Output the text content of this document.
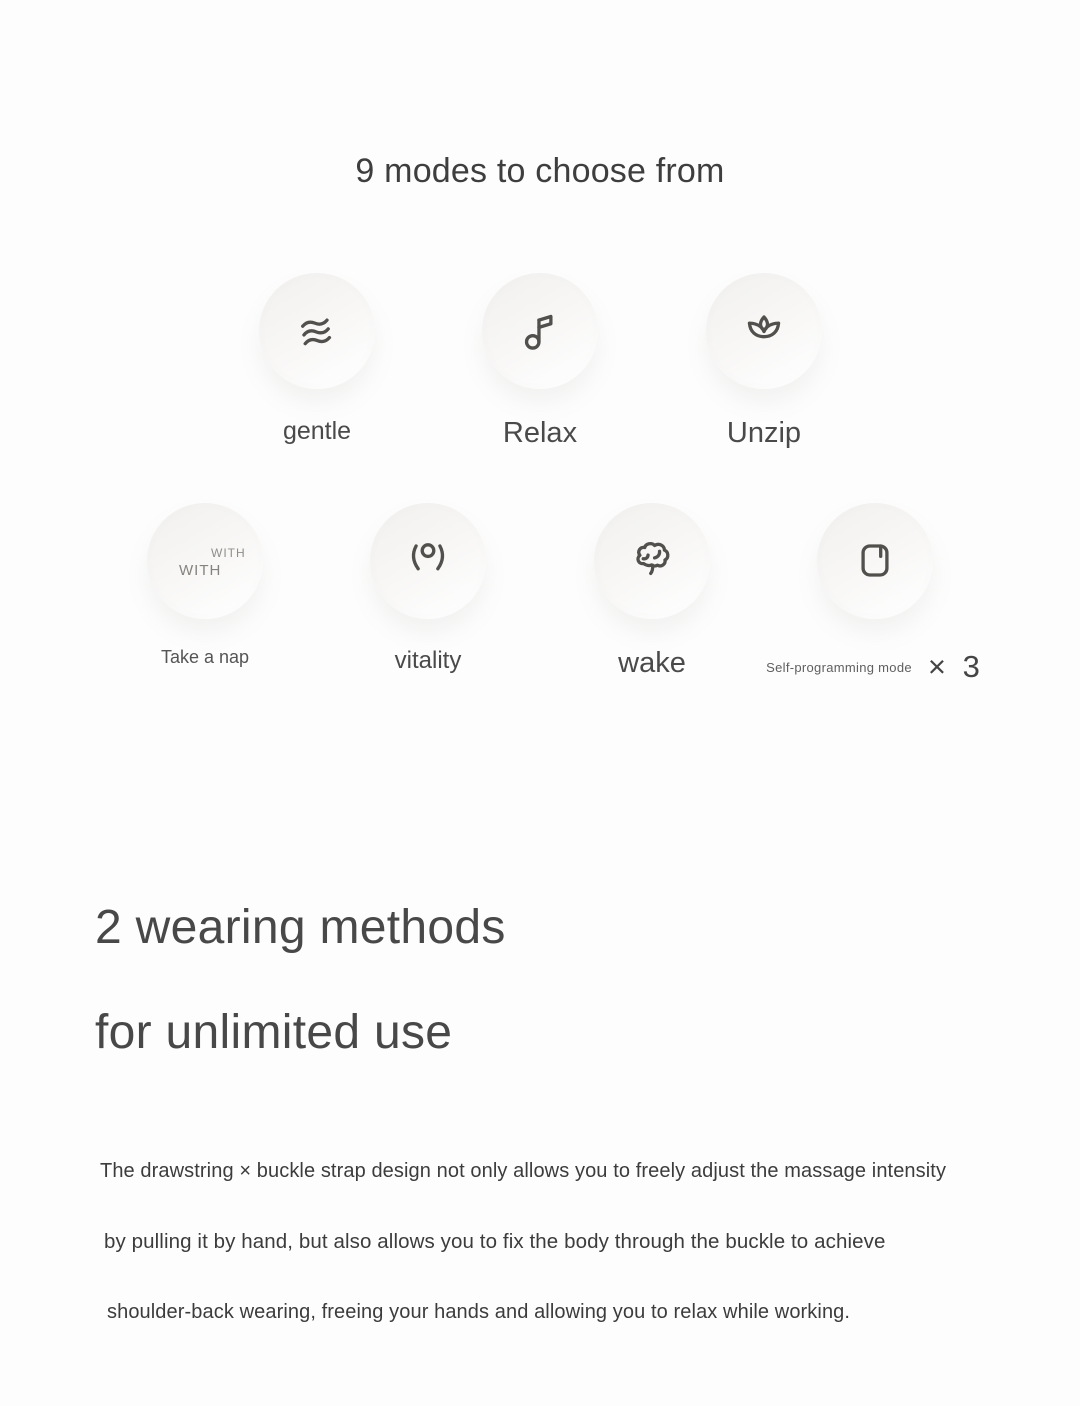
9 modes to choose from
gentle	Relax	Unzip
WITH
WITH
Take a nap	vitality	wake	Self-programming mode × 3
2 wearing methods
for unlimited use
The drawstring × buckle strap design not only allows you to freely adjust the massage intensity
by pulling it by hand, but also allows you to fix the body through the buckle to achieve
shoulder-back wearing, freeing your hands and allowing you to relax while working.
